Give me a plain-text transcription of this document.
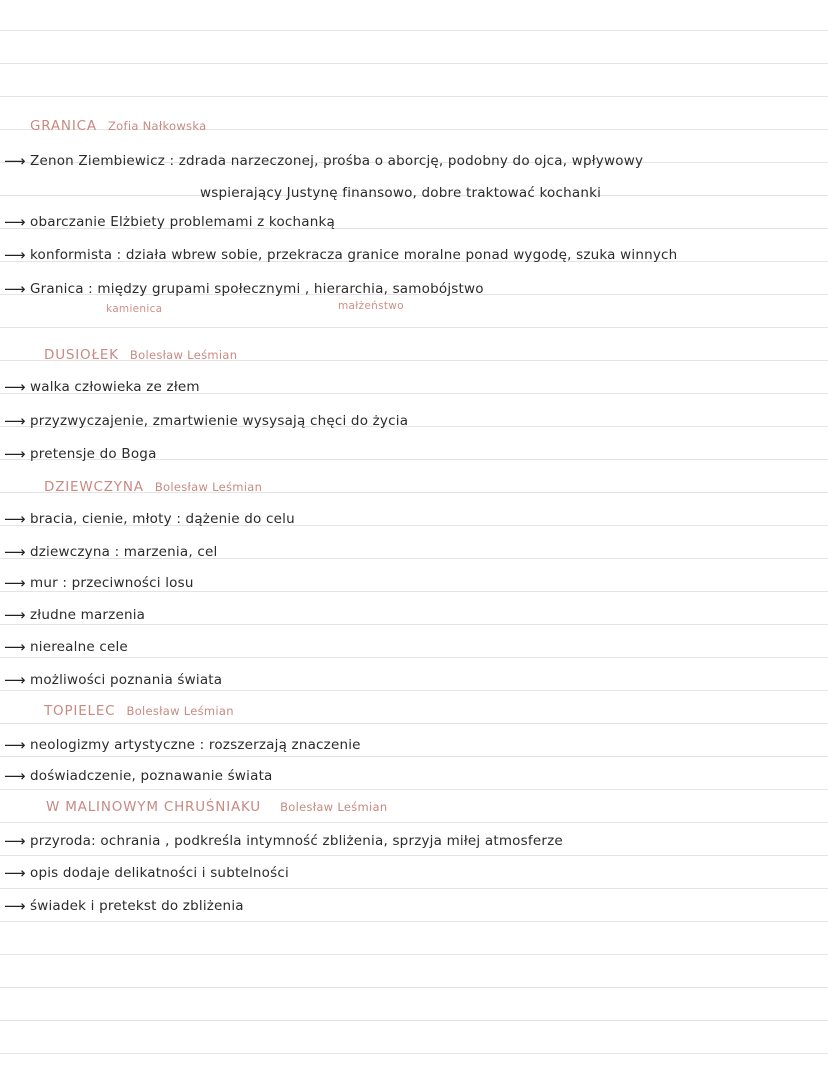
GRANICA Zofia Nałkowska
⟶ Zenon Ziembiewicz : zdrada narzeczonej, prośba o aborcję, podobny do ojca, wpływowy
wspierający Justynę finansowo, dobre traktować kochanki
⟶ obarczanie Elżbiety problemami z kochanką
⟶ konformista : działa wbrew sobie, przekracza granice moralne ponad wygodę, szuka winnych
⟶ Granica : między grupami społecznymi , hierarchia, samobójstwo
kamienica	małżeństwo
DUSIOŁEK Bolesław Leśmian
⟶ walka człowieka ze złem
⟶ przyzwyczajenie, zmartwienie wysysają chęci do życia
⟶ pretensje do Boga
DZIEWCZYNA Bolesław Leśmian
⟶ bracia, cienie, młoty : dążenie do celu
⟶ dziewczyna : marzenia, cel
⟶ mur : przeciwności losu
⟶ złudne marzenia
⟶ nierealne cele
⟶ możliwości poznania świata
TOPIELEC Bolesław Leśmian
⟶ neologizmy artystyczne : rozszerzają znaczenie
⟶ doświadczenie, poznawanie świata
W MALINOWYM CHRUŚNIAKU Bolesław Leśmian
⟶ przyroda: ochrania , podkreśla intymność zbliżenia, sprzyja miłej atmosferze
⟶ opis dodaje delikatności i subtelności
⟶ świadek i pretekst do zbliżenia
